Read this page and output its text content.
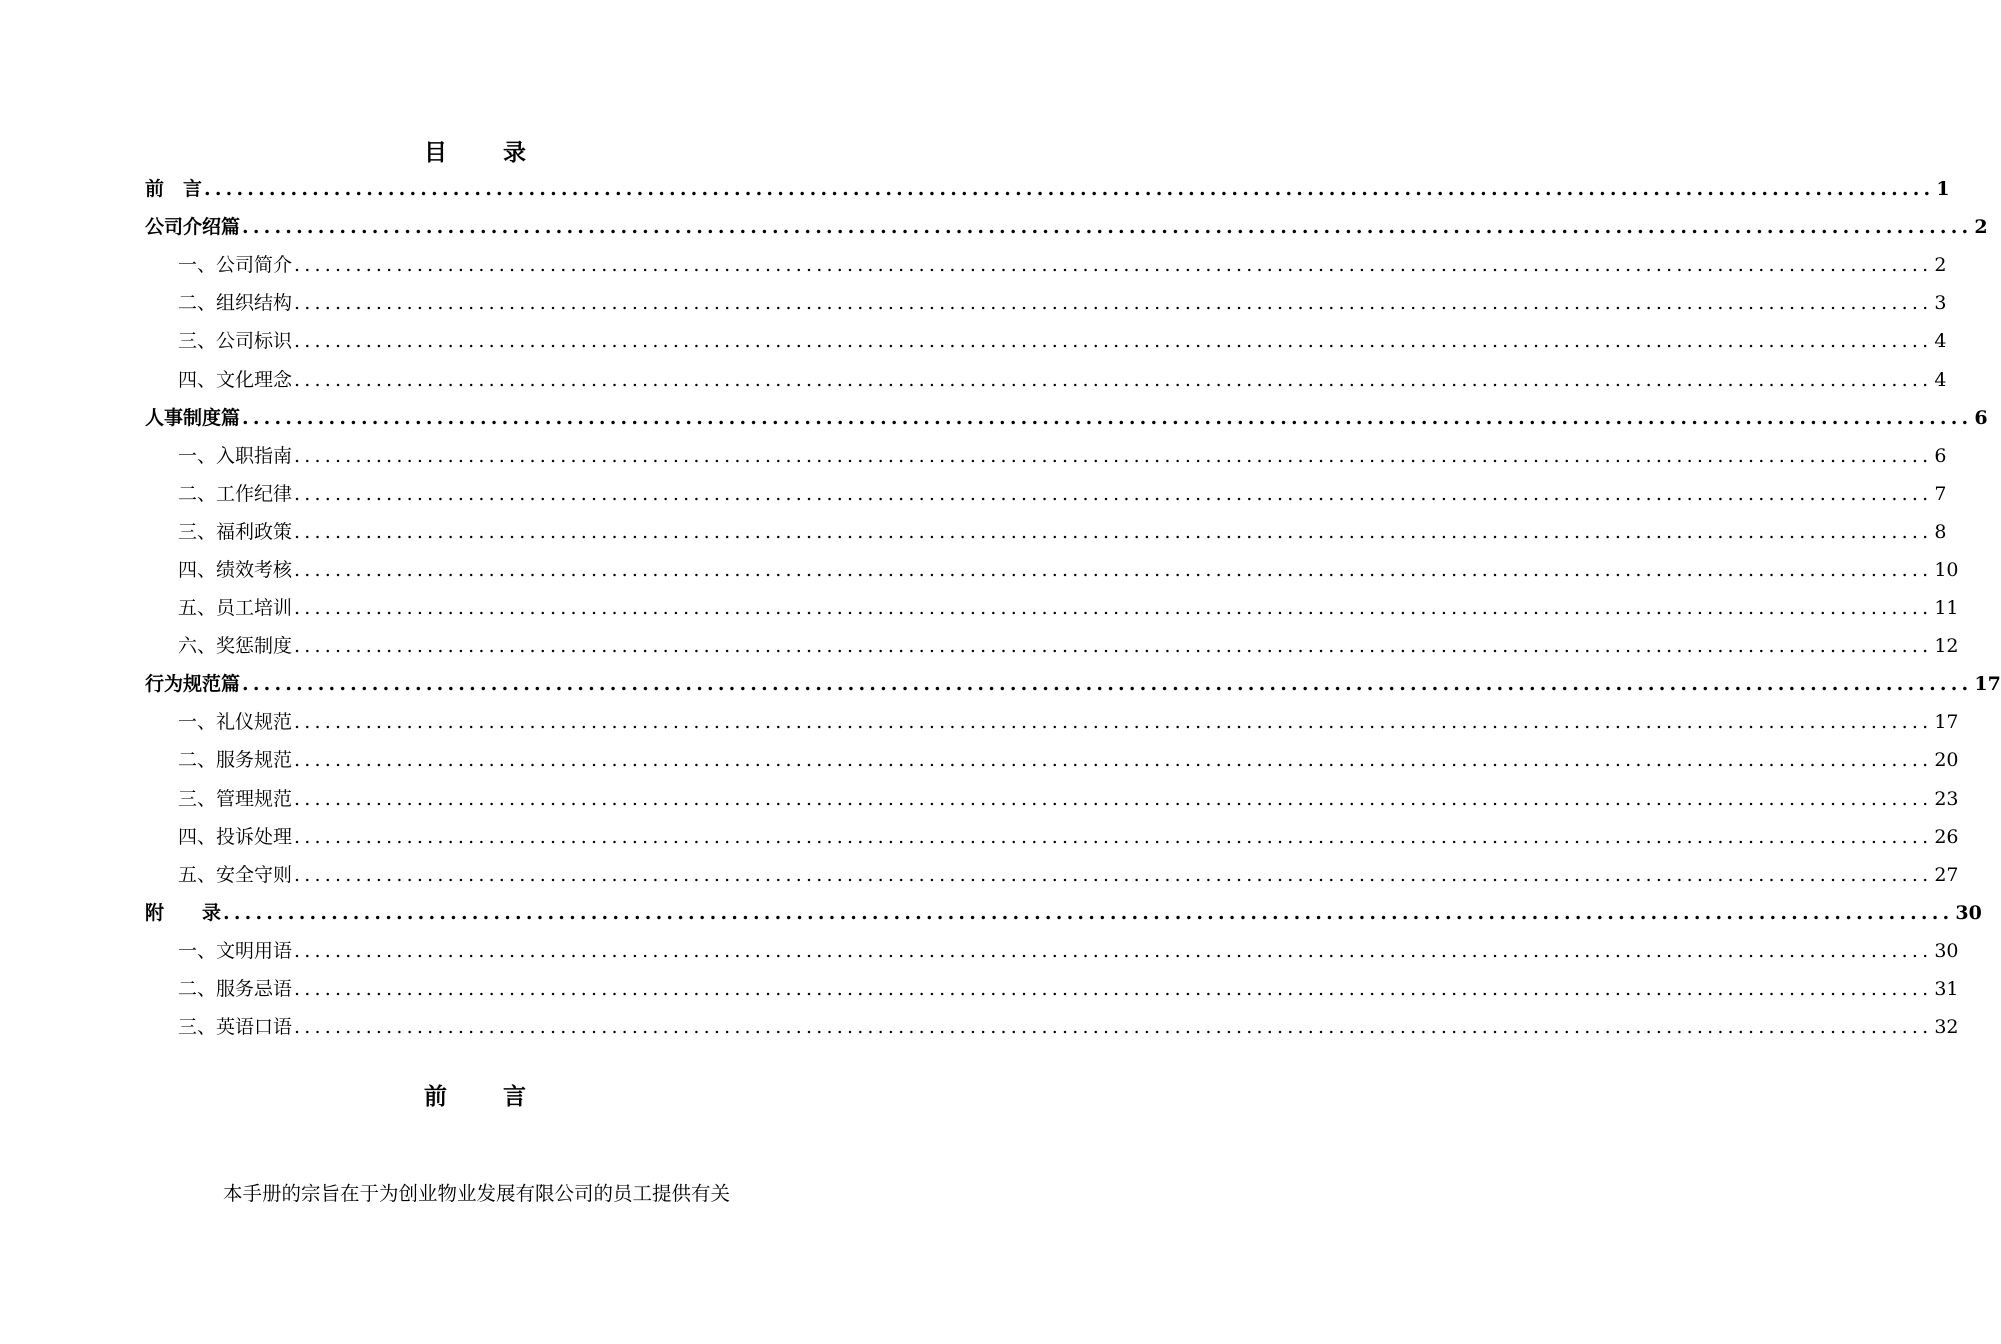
目 录
前　言 ................................................................................................................................................................ 1
公司介绍篇 ................................................................................................................................................................ 2
一、公司简介 ................................................................................................................................................................ 2
二、组织结构 ................................................................................................................................................................ 3
三、公司标识 ................................................................................................................................................................ 4
四、文化理念 ................................................................................................................................................................ 4
人事制度篇 ................................................................................................................................................................ 6
一、入职指南 ................................................................................................................................................................ 6
二、工作纪律 ................................................................................................................................................................ 7
三、福利政策 ................................................................................................................................................................ 8
四、绩效考核 ................................................................................................................................................................ 10
五、员工培训 ................................................................................................................................................................ 11
六、奖惩制度 ................................................................................................................................................................ 12
行为规范篇 ................................................................................................................................................................ 17
一、礼仪规范 ................................................................................................................................................................ 17
二、服务规范 ................................................................................................................................................................ 20
三、管理规范 ................................................................................................................................................................ 23
四、投诉处理 ................................................................................................................................................................ 26
五、安全守则 ................................................................................................................................................................ 27
附　　录 ................................................................................................................................................................ 30
一、文明用语 ................................................................................................................................................................ 30
二、服务忌语 ................................................................................................................................................................ 31
三、英语口语 ................................................................................................................................................................ 32
前 言
本手册的宗旨在于为创业物业发展有限公司的员工提供有关
